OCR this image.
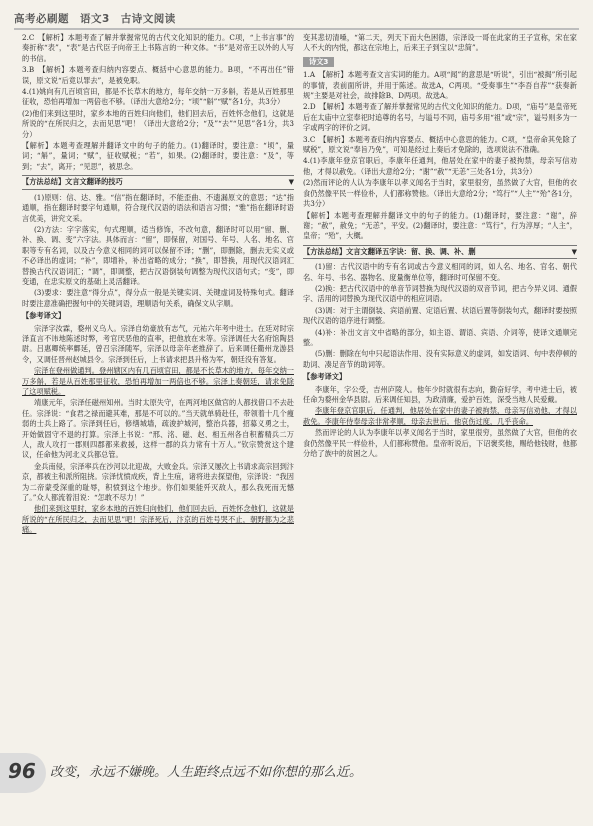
高考必刷题　语文3　古诗文阅读

2.C　【解析】本题考查了解并掌握常见的古代文化知识的能力。C项，“上书言事”的奏折称“表”，“表”是古代臣子向帝王上书陈言的一种文体。“书”是对帝王以外的人写的书信。

3.B　【解析】本题考查归纳内容要点、概括中心意思的能力。B项，“不再出任”错误，原文说“后竟以罪去”，是被免职。

4.(1)姚向有几百顷官田，都是不长草木的地方，每年交纳一万多斛，若是从百姓那里征收，恐怕再增加一两倍也不够。（译出大意给2分；“顷”“斛”“赋”各1分，共3分）

(2)他们来到这里时，家乡本地的百姓归向他们，他们回去后，百姓怀念他们，这就是所说的“在所民归之，去而见思”吧！（译出大意给2分；“及”“去”“见思”各1分，共3分）

【解析】本题考查理解并翻译文中的句子的能力。(1)翻译时，要注意：“顷”，量词；“斛”，量词；“赋”，征收赋税；“若”，如果。(2)翻译时，要注意：“及”，等到；“去”，离开；“见思”，被思念。

【方法总结】文言文翻译的技巧	▼

(1)原则：信、达、雅。“信”指在翻译时，不能歪曲、不遗漏原文的意思；“达”指通顺，指在翻译时要字句通顺，符合现代汉语的语法和语言习惯；“雅”指在翻译时语言优美，讲究文采。

(2)方法：字字落实，句式理顺，适当修饰，不改句意，翻译时可以用“留、删、补、换、调、变”六字法。具体而言：“留”，即保留，对国号、年号、人名、地名、官职等专有名词，以及古今意义相同的词可以保留不译；“删”，即删除，删去无实义或不必译出的虚词；“补”，即增补，补出省略的成分；“换”，即替换，用现代汉语词汇替换古代汉语词汇；“调”，即调整，把古汉语倒装句调整为现代汉语句式；“变”，即变通，在忠实原文的基础上灵活翻译。

(3)要求：要注意“得分点”，得分点一般是关键实词、关键虚词及特殊句式。翻译时要注意准确把握句中的关键词语，理顺语句关系，确保文从字顺。

【参考译文】

宗泽字汝霖，婺州义乌人。宗泽自幼豪放有志气，元祐六年考中进士。在廷对时宗泽直言不讳地陈述时弊，考官厌恶他的直率，把他放在末等。宗泽调任大名府馆陶县尉。吕惠卿统率鄜延，曾召宗泽随军，宗泽以母亲年老推辞了。后来调任衢州龙游县令，又调任晋州赵城县令。宗泽到任后，上书请求把县升格为军，朝廷没有答复。

宗泽在登州做通判。登州辖区内有几百顷官田，都是不长草木的地方，每年交纳一万多斛，若是从百姓那里征收，恐怕再增加一两倍也不够。宗泽上奏朝廷，请求免除了这项赋税。

靖康元年，宗泽任磁州知州。当时太原失守，在两河地区做官的人都找借口不去赴任。宗泽说：“食君之禄而避其难，那是不可以的。”当天就单骑赴任，带领着十几个瘦弱的士兵上路了。宗泽到任后，修缮城墙，疏浚护城河，整治兵器，招募义勇之士，开始做固守不退的打算。宗泽上书说：“邢、洺、磁、赵、相五州各自积蓄精兵二万人，敌人攻打一郡则四郡都来救援，这样一郡的兵力常有十万人。”钦宗赞赏这个建议，任命他为河北义兵都总管。

金兵南侵，宗泽率兵在沙河以北迎战，大败金兵。宗泽又屡次上书请求高宗回到汴京，都被主和派所阻挠。宗泽忧愤成疾，背上生疽，诸将进去探望他，宗泽说：“我因为二帝蒙受深重的耻辱，积愤到这个地步。你们如果能歼灭敌人，那么我死而无憾了。”众人都流着泪说：“怎敢不尽力！”

他们来到这里时，家乡本地的百姓归向他们，他们回去后，百姓怀念他们，这就是所说的“在所民归之，去而见思”吧！宗泽死后，汴京的百姓号哭不止，朝野都为之悲痛。

变其悲切清嗓，“第二天，列天下而大色困德，宗泽设一哥在此家的王子宣称，宋在家人不大的内悦，都这在宗地上，后来王子到宝以“忠简”。

诗文3

1.A　【解析】本题考查文言实词的能力。A项“闻”的意思是“听说”，引出“被揭”所引起的事情，表前面所讲，并用于陈述。故选A，C两项。“受奏事生”“李吾自荐”“获奏新规”主要是对社会，故排除B、D两项。故选A。

2.D　【解析】本题考查了解并掌握常见的古代文化知识的能力。D项，“庙号”是皇帝死后在太庙中立室奉祀时追尊的名号，与谥号不同，庙号多用“祖”或“宗”，谥号则多为一字或两字的评价之词。

3.C　【解析】本题考查归纳内容要点、概括中心意思的能力。C项，“皇帝命其免除了赋税”，原文说“奉旨乃免”，可知是经过上奏后才免除的，选项说法不准确。

4.(1)李康年登京官职后，李康年任通判，他居处在家中的妻子被拘禁，母亲写信劝他，才得以赦免。（译出大意给2分；“谢”“赦”“无恙”三处各1分，共3分）

(2)然而评论的人认为李康年以孝义闻名于当时，家里很穷，虽然做了大官，但他的衣食仍然像平民一样俭朴，人们都称赞他。（译出大意给2分；“笃行”“人主”“殆”各1分，共3分）

【解析】本题考查理解并翻译文中的句子的能力。(1)翻译时，要注意：“谢”，辞谢；“赦”，赦免；“无恙”，平安。(2)翻译时，要注意：“笃行”，行为淳厚；“人主”，皇帝；“殆”，大概。

【方法总结】文言文翻译五字诀：留、换、调、补、删	▼

(1)留：古代汉语中的专有名词或古今意义相同的词，如人名、地名、官名、朝代名、年号、书名、器物名、度量衡单位等，翻译时可保留不变。

(2)换：把古代汉语中的单音节词替换为现代汉语的双音节词，把古今异义词、通假字、活用的词替换为现代汉语中的相应词语。

(3)调：对于主谓倒装、宾语前置、定语后置、状语后置等倒装句式，翻译时要按照现代汉语的语序进行调整。

(4)补：补出文言文中省略的部分，如主语、谓语、宾语、介词等，使译文通顺完整。

(5)删：删除在句中只起语法作用、没有实际意义的虚词，如发语词、句中表停顿的助词、凑足音节的助词等。

【参考译文】

李康年，字公受，吉州庐陵人。他年少时就很有志向，勤奋好学，考中进士后，被任命为婺州金华县尉。后来调任知县，为政清廉，爱护百姓，深受当地人民爱戴。

李康年登京官职后，任通判，他居处在家中的妻子被拘禁，母亲写信劝他，才得以赦免。李康年侍奉母亲非常孝顺，母亲去世后，他哀伤过度，几乎丧命。

然而评论的人认为李康年以孝义闻名于当时，家里很穷，虽然做了大官，但他的衣食仍然像平民一样俭朴，人们都称赞他。皇帝听说后，下诏褒奖他，赐给他钱财，他都分给了族中的贫困之人。

96 改变，永远不嫌晚。人生距终点远不如你想的那么近。
